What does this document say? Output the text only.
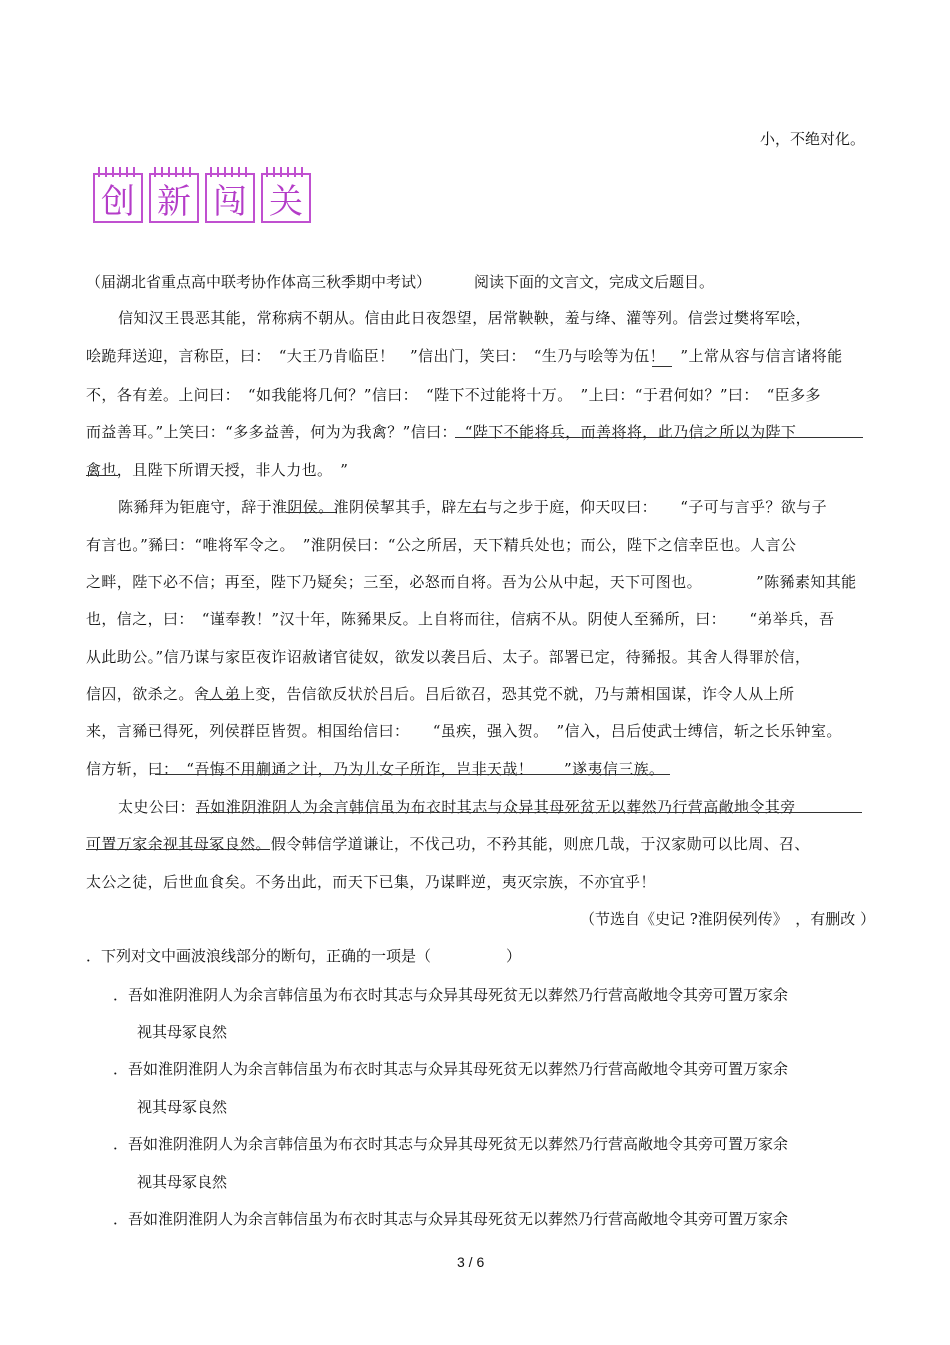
小，不绝对化。
创 新 闯 关
（届湖北省重点高中联考协作体高三秋季期中考试）	阅读下面的文言文，完成文后题目。
信知汉王畏恶其能，常称病不朝从。信由此日夜怨望，居常鞅鞅，羞与绛、灌等列。信尝过樊将军哙，
哙跪拜送迎，言称臣，曰：　“大王乃肯临臣！　”信出门，笑曰：　“生乃与哙等为伍！　”上常从容与信言诸将能
不，各有差。上问曰：　“如我能将几何？”信曰：　“陛下不过能将十万。　”上曰：“于君何如？”曰：　“臣多多
而益善耳。”上笑曰：“多多益善，何为为我禽？”信曰：　“陛下不能将兵，而善将将，此乃信之所以为陛下
禽也，且陛下所谓天授，非人力也。　”
陈豨拜为钜鹿守，辞于淮阴侯。淮阴侯挈其手，辟左右与之步于庭，仰天叹曰：　　“子可与言乎？欲与子
有言也。”豨曰：“唯将军令之。　”淮阴侯曰：“公之所居，天下精兵处也；而公，陛下之信幸臣也。人言公
之畔，陛下必不信；再至，陛下乃疑矣；三至，必怒而自将。吾为公从中起，天下可图也。　　　　”陈豨素知其能
也，信之，曰：　“谨奉教！”汉十年，陈豨果反。上自将而往，信病不从。阴使人至豨所，曰：　　“弟举兵，吾
从此助公。”信乃谋与家臣夜诈诏赦诸官徒奴，欲发以袭吕后、太子。部署已定，待豨报。其舍人得罪於信，
信囚，欲杀之。舍人弟上变，告信欲反状於吕后。吕后欲召，恐其党不就，乃与萧相国谋，诈令人从上所
来，言豨已得死，列侯群臣皆贺。相国绐信曰：　　“虽疾，强入贺。　”信入，吕后使武士缚信，斩之长乐钟室。
信方斩，曰：　“吾悔不用蒯通之计，乃为儿女子所诈，岂非天哉！　　”遂夷信三族。
太史公曰：吾如淮阴淮阴人为余言韩信虽为布衣时其志与众异其母死贫无以葬然乃行营高敞地令其旁
可置万家余视其母冢良然。假令韩信学道谦让，不伐己功，不矜其能，则庶几哉，于汉家勋可以比周、召、
太公之徒，后世血食矣。不务出此，而天下已集，乃谋畔逆，夷灭宗族，不亦宜乎！
（节选自《史记 ?淮阴侯列传》　，有删改 ）
．下列对文中画波浪线部分的断句，正确的一项是（　　　　　）
．吾如淮阴淮阴人为余言韩信虽为布衣时其志与众异其母死贫无以葬然乃行营高敞地令其旁可置万家余
视其母冢良然
．吾如淮阴淮阴人为余言韩信虽为布衣时其志与众异其母死贫无以葬然乃行营高敞地令其旁可置万家余
视其母冢良然
．吾如淮阴淮阴人为余言韩信虽为布衣时其志与众异其母死贫无以葬然乃行营高敞地令其旁可置万家余
视其母冢良然
．吾如淮阴淮阴人为余言韩信虽为布衣时其志与众异其母死贫无以葬然乃行营高敞地令其旁可置万家余
3 / 6
